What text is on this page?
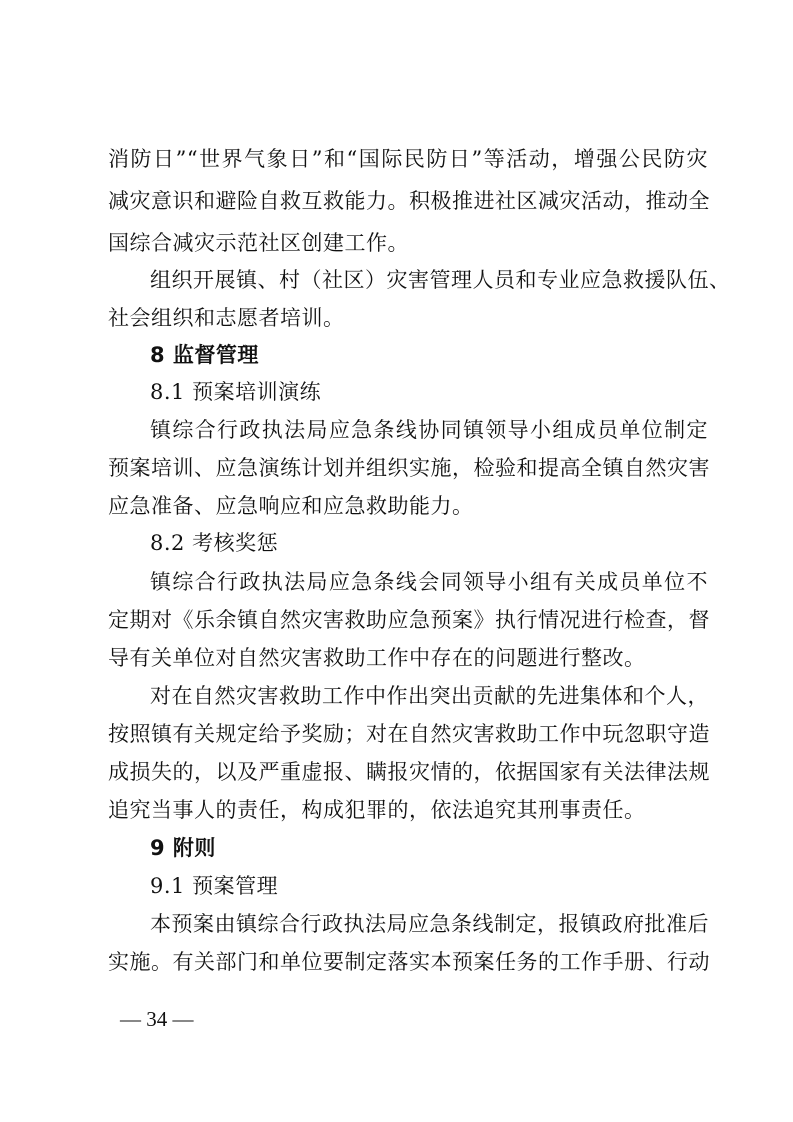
消防日”“世界气象日”和“国际民防日”等活动，增强公民防灾
减灾意识和避险自救互救能力。积极推进社区减灾活动，推动全
国综合减灾示范社区创建工作。
组织开展镇、村（社区）灾害管理人员和专业应急救援队伍、
社会组织和志愿者培训。
8 监督管理
8.1 预案培训演练
镇综合行政执法局应急条线协同镇领导小组成员单位制定
预案培训、应急演练计划并组织实施，检验和提高全镇自然灾害
应急准备、应急响应和应急救助能力。
8.2 考核奖惩
镇综合行政执法局应急条线会同领导小组有关成员单位不
定期对《乐余镇自然灾害救助应急预案》执行情况进行检查，督
导有关单位对自然灾害救助工作中存在的问题进行整改。
对在自然灾害救助工作中作出突出贡献的先进集体和个人，
按照镇有关规定给予奖励；对在自然灾害救助工作中玩忽职守造
成损失的，以及严重虚报、瞒报灾情的，依据国家有关法律法规
追究当事人的责任，构成犯罪的，依法追究其刑事责任。
9 附则
9.1 预案管理
本预案由镇综合行政执法局应急条线制定，报镇政府批准后
实施。有关部门和单位要制定落实本预案任务的工作手册、行动
— 34 —
